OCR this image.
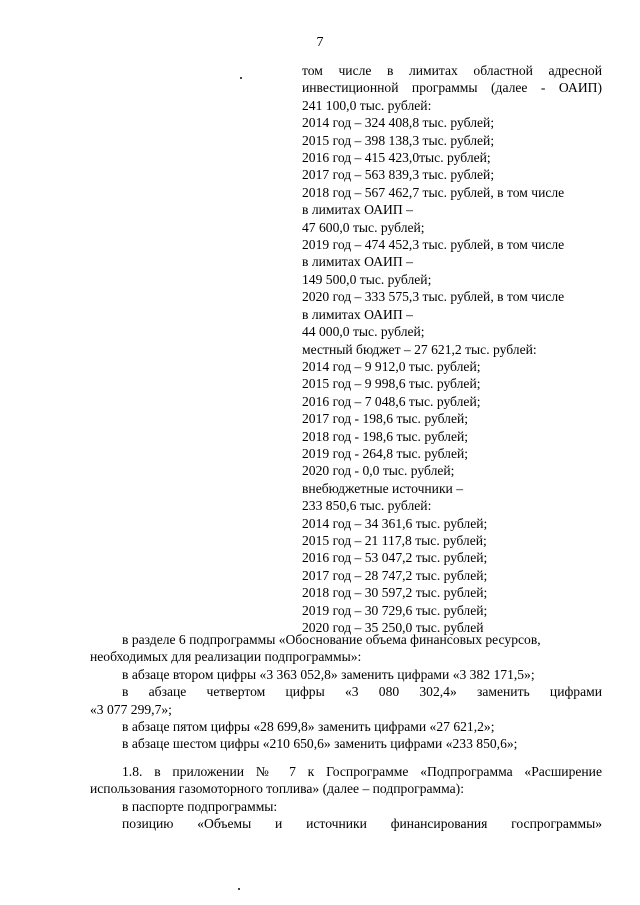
7
том числе в лимитах областной адресной
инвестиционной программы (далее - ОАИП)
241 100,0 тыс. рублей:
2014 год – 324 408,8 тыс. рублей;
2015 год – 398 138,3 тыс. рублей;
2016 год – 415 423,0тыс. рублей;
2017 год – 563 839,3 тыс. рублей;
2018 год – 567 462,7 тыс. рублей, в том числе
в лимитах ОАИП –
47 600,0 тыс. рублей;
2019 год – 474 452,3 тыс. рублей, в том числе
в лимитах ОАИП –
149 500,0 тыс. рублей;
2020 год – 333 575,3 тыс. рублей, в том числе
в лимитах ОАИП –
44 000,0 тыс. рублей;
местный бюджет – 27 621,2 тыс. рублей:
2014 год – 9 912,0 тыс. рублей;
2015 год – 9 998,6 тыс. рублей;
2016 год – 7 048,6 тыс. рублей;
2017 год - 198,6 тыс. рублей;
2018 год - 198,6 тыс. рублей;
2019 год - 264,8 тыс. рублей;
2020 год - 0,0 тыс. рублей;
внебюджетные источники –
233 850,6 тыс. рублей:
2014 год – 34 361,6 тыс. рублей;
2015 год – 21 117,8 тыс. рублей;
2016 год – 53 047,2 тыс. рублей;
2017 год – 28 747,2 тыс. рублей;
2018 год – 30 597,2 тыс. рублей;
2019 год – 30 729,6 тыс. рублей;
2020 год – 35 250,0 тыс. рублей
в разделе 6 подпрограммы «Обоснование объема финансовых ресурсов,
необходимых для реализации подпрограммы»:
в абзаце втором цифры «3 363 052,8» заменить цифрами «3 382 171,5»;
в абзаце четвертом цифры «3 080 302,4» заменить цифрами
«3 077 299,7»;
в абзаце пятом цифры «28 699,8» заменить цифрами «27 621,2»;
в абзаце шестом цифры «210 650,6» заменить цифрами «233 850,6»;
1.8. в приложении № 7 к Госпрограмме «Подпрограмма «Расширение
использования газомоторного топлива» (далее – подпрограмма):
в паспорте подпрограммы:
позицию «Объемы и источники финансирования госпрограммы»
